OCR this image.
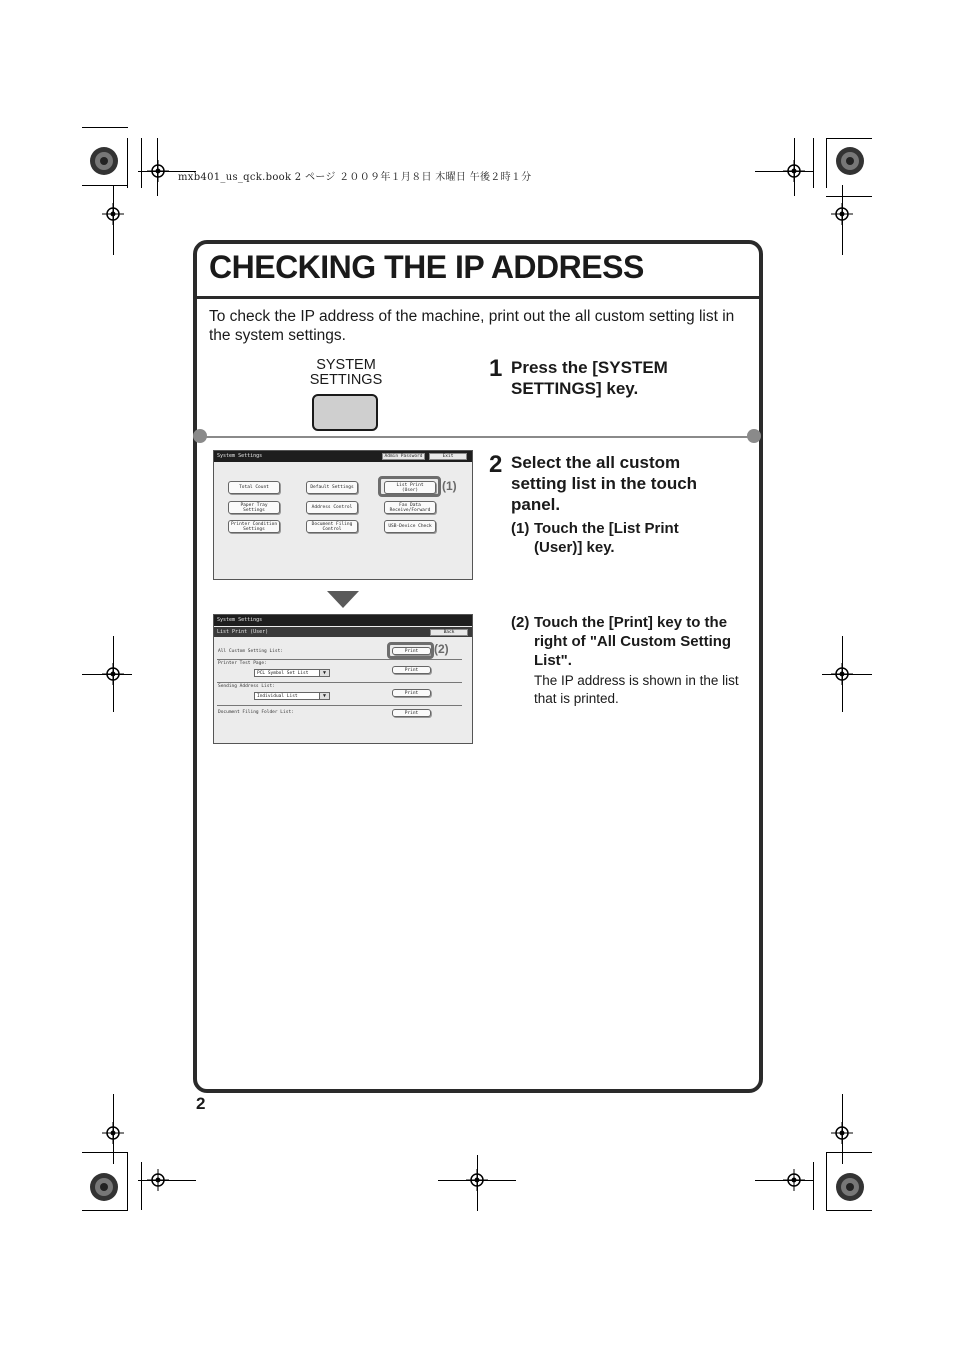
mxb401_us_qck.book 2 ページ ２００９年１月８日 木曜日 午後２時１分
CHECKING THE IP ADDRESS
To check the IP address of the machine, print out the all custom setting list in the system settings.
SYSTEM
SETTINGS	1 Press the [SYSTEM
SETTINGS] key.
2 Select the all custom
setting list in the touch
panel.
(1) Touch the [List Print
(User)] key.
(2) Touch the [Print] key to the
right of "All Custom Setting
List".
The IP address is shown in the list
that is printed.
System Settings	Admin Password	Exit
Total Count	Default Settings	List Print
(User)
Paper Tray
Settings	Address Control	Fax Data
Receive/Forward
Printer Condition
Settings
Document Filing
Control	USB-Device Check
(1)
System Settings
List Print (User)	Back
All Custom Setting List:	Print
Printer Test Page:
PCL Symbol Set List	▼	Print
Sending Address List:
Individual List	▼	Print
Document Filing Folder List:	Print
(2)
2
